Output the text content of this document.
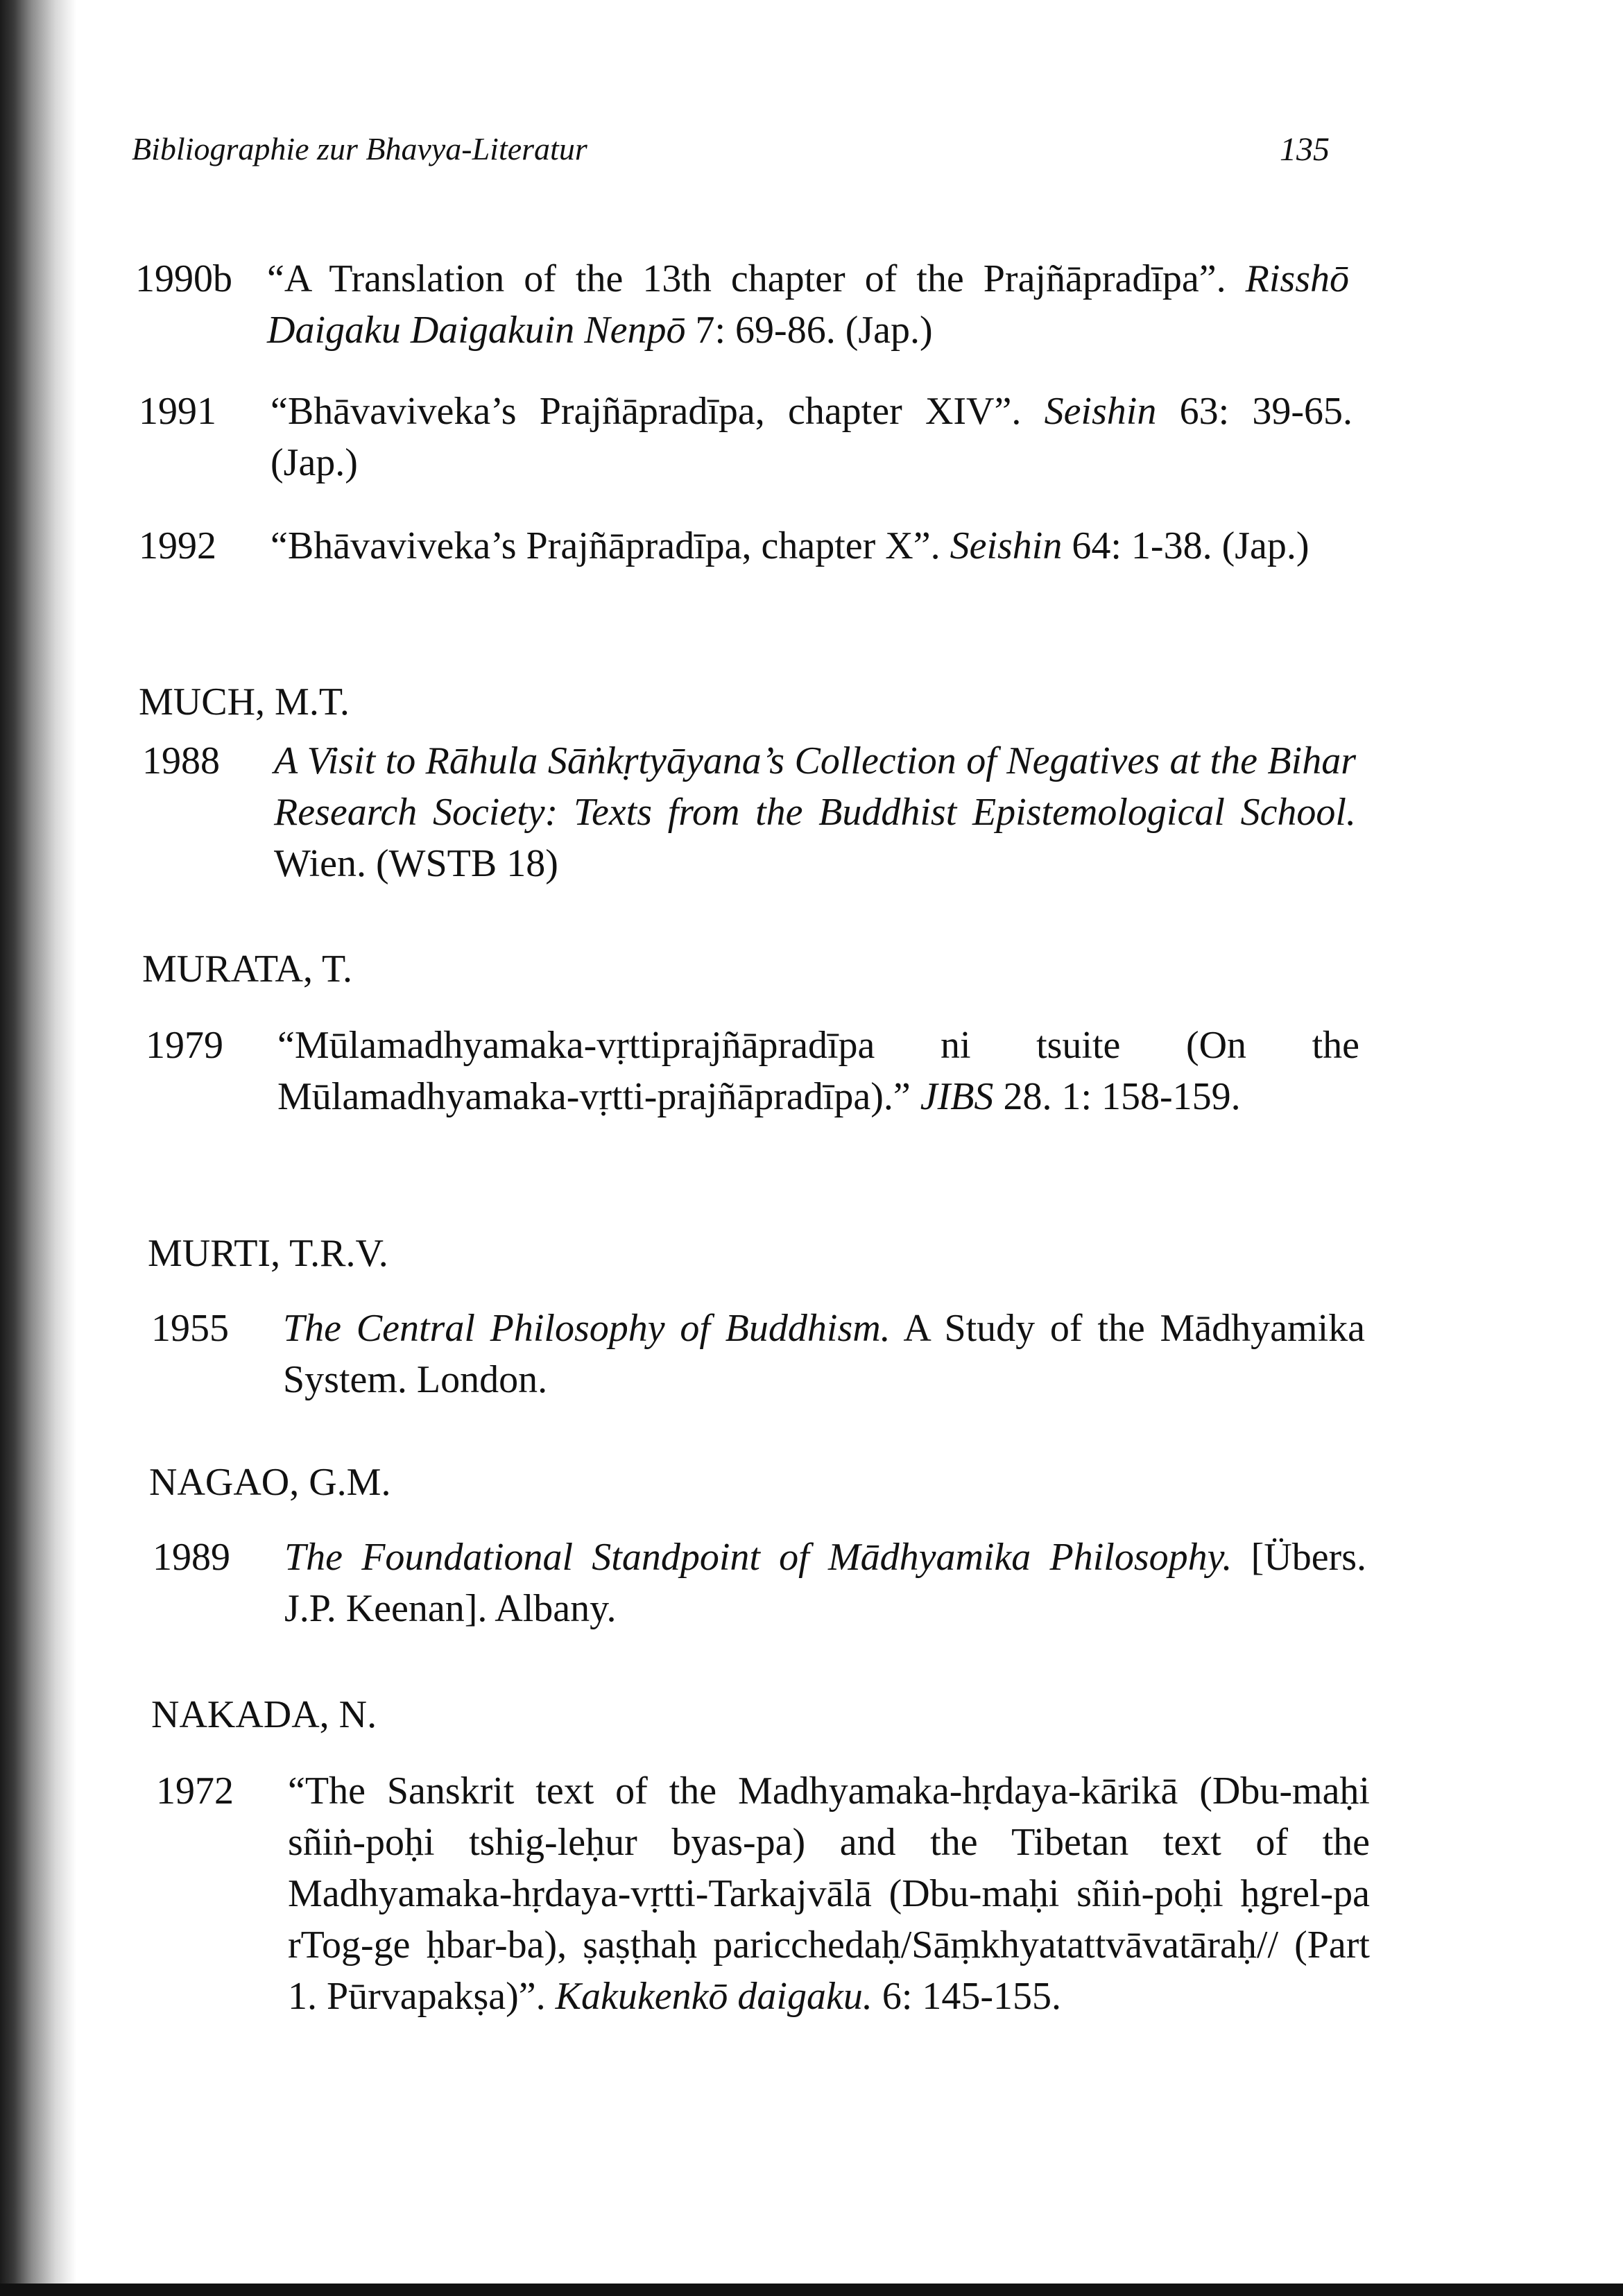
Bibliographie zur Bhavya-Literatur	135
1990b “A Translation of the 13th chapter of the Prajñāpradīpa”. Risshō Daigaku Daigakuin Nenpō 7: 69-86. (Jap.)
1991	“Bhāvaviveka’s Prajñāpradīpa, chapter XIV”. Seishin 63: 39-65. (Jap.)
1992	“Bhāvaviveka’s Prajñāpradīpa, chapter X”. Seishin 64: 1-38. (Jap.)
MUCH, M.T.
1988	A Visit to Rāhula Sāṅkṛtyāyana’s Collection of Negatives at the Bihar Research Society: Texts from the Buddhist Epistemological School. Wien. (WSTB 18)
MURATA, T.
1979	“Mūlamadhyamaka-vṛttiprajñāpradīpa ni tsuite (On the Mūlamadhyamaka-vṛtti-prajñāpradīpa).” JIBS 28. 1: 158-159.
MURTI, T.R.V.
1955	The Central Philosophy of Buddhism. A Study of the Mādhyamika System. London.
NAGAO, G.M.
1989	The Foundational Standpoint of Mādhyamika Philosophy. [Übers. J.P. Keenan]. Albany.
NAKADA, N.
1972	“The Sanskrit text of the Madhyamaka-hṛdaya-kārikā (Dbu-maḥi sñiṅ-poḥi tshig-leḥur byas-pa) and the Tibetan text of the Madhyamaka-hṛdaya-vṛtti-Tarkajvālā (Dbu-maḥi sñiṅ-poḥi ḥgrel-pa rTog-ge ḥbar-ba), ṣaṣṭhaḥ paricchedaḥ/Sāṃkhyatattvāvatāraḥ// (Part 1. Pūrvapakṣa)”. Kakukenkō daigaku. 6: 145-155.
